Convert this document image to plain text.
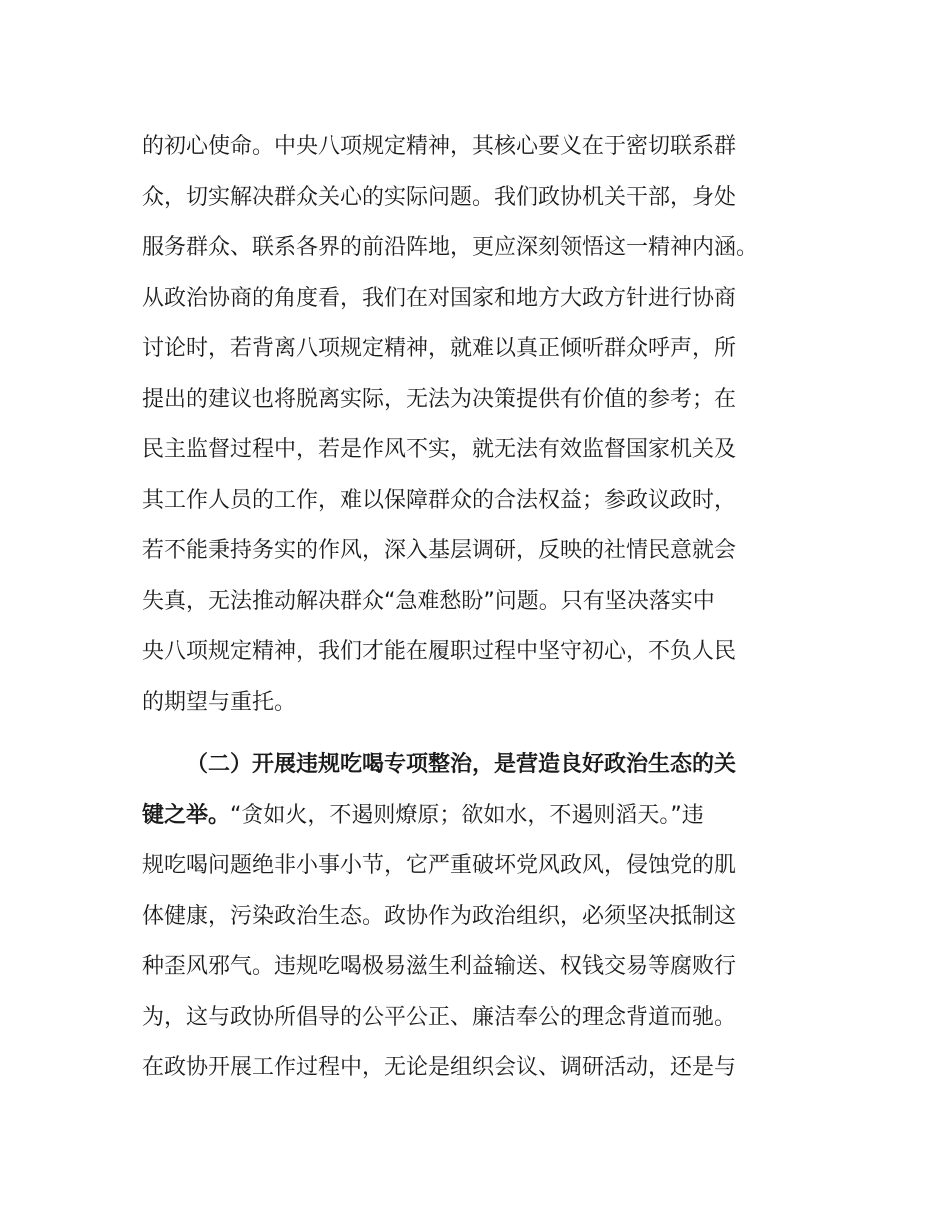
的初心使命。中央八项规定精神，其核心要义在于密切联系群
众，切实解决群众关心的实际问题。我们政协机关干部，身处
服务群众、联系各界的前沿阵地，更应深刻领悟这一精神内涵。
从政治协商的角度看，我们在对国家和地方大政方针进行协商
讨论时，若背离八项规定精神，就难以真正倾听群众呼声，所
提出的建议也将脱离实际，无法为决策提供有价值的参考；在
民主监督过程中，若是作风不实，就无法有效监督国家机关及
其工作人员的工作，难以保障群众的合法权益；参政议政时，
若不能秉持务实的作风，深入基层调研，反映的社情民意就会
失真，无法推动解决群众“急难愁盼”问题。只有坚决落实中
央八项规定精神，我们才能在履职过程中坚守初心，不负人民
的期望与重托。
（二）开展违规吃喝专项整治，是营造良好政治生态的关
键之举。“贪如火，不遏则燎原；欲如水，不遏则滔天。”违
规吃喝问题绝非小事小节，它严重破坏党风政风，侵蚀党的肌
体健康，污染政治生态。政协作为政治组织，必须坚决抵制这
种歪风邪气。违规吃喝极易滋生利益输送、权钱交易等腐败行
为，这与政协所倡导的公平公正、廉洁奉公的理念背道而驰。
在政协开展工作过程中，无论是组织会议、调研活动，还是与
